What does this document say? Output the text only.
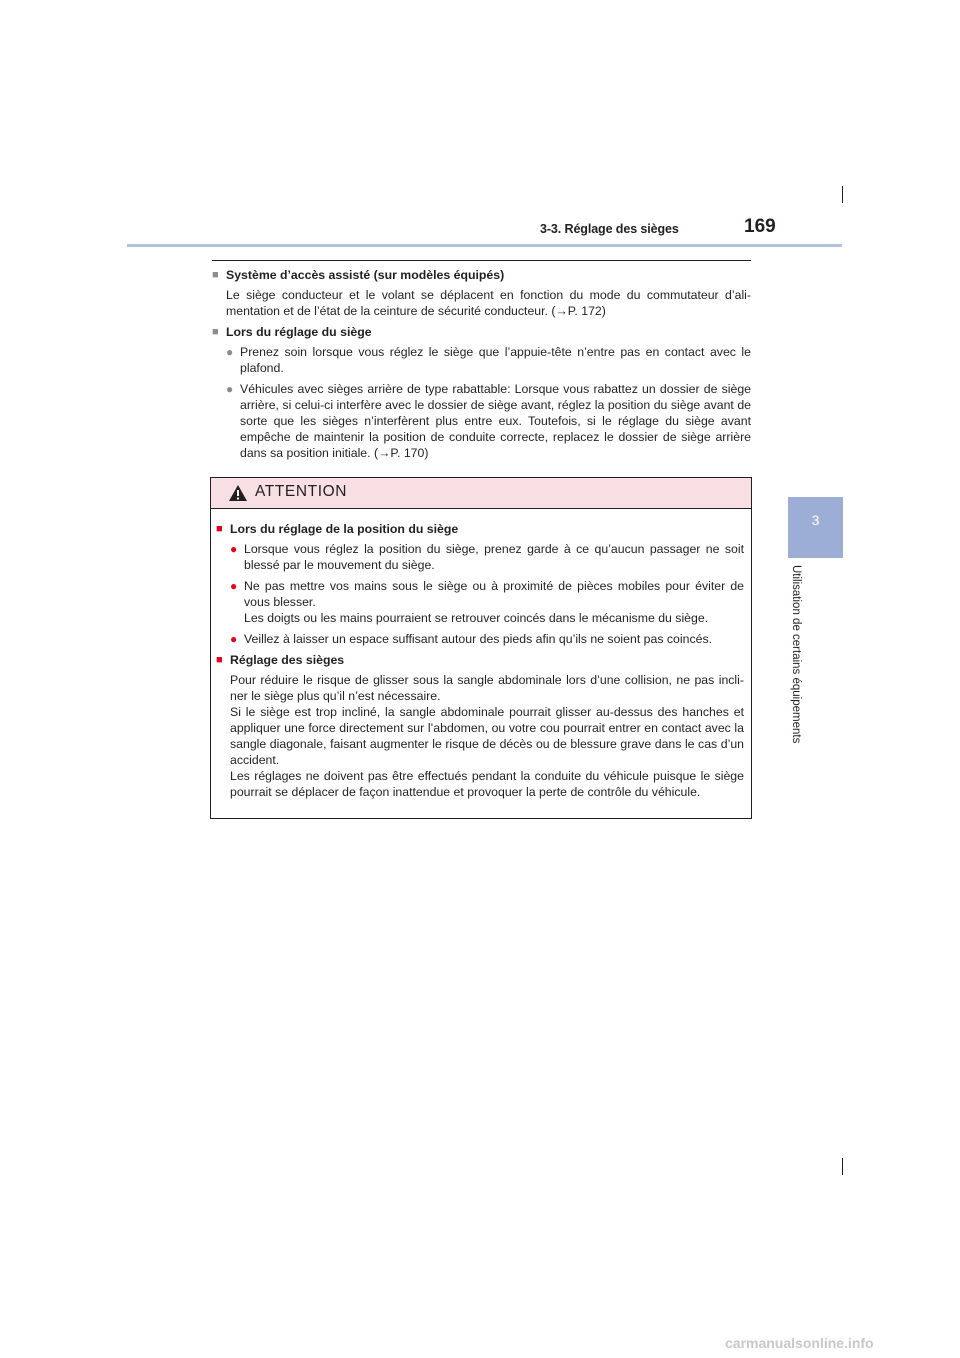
3-3. Réglage des sièges	169
3
Utilisation de certains équipements

■ Système d’accès assisté (sur modèles équipés)

Le siège conducteur et le volant se déplacent en fonction du mode du commutateur d’ali-mentation et de l’état de la ceinture de sécurité conducteur. (→P. 172)

■ Lors du réglage du siège

● Prenez soin lorsque vous réglez le siège que l’appuie-tête n’entre pas en contact avec le plafond.

● Véhicules avec sièges arrière de type rabattable: Lorsque vous rabattez un dossier de siège arrière, si celui-ci interfère avec le dossier de siège avant, réglez la position du siège avant de sorte que les sièges n’interfèrent plus entre eux. Toutefois, si le réglage du siège avant empêche de maintenir la position de conduite correcte, replacez le dossier de siège arrière dans sa position initiale. (→P. 170)

ATTENTION

■ Lors du réglage de la position du siège

● Lorsque vous réglez la position du siège, prenez garde à ce qu’aucun passager ne soit blessé par le mouvement du siège.

● Ne pas mettre vos mains sous le siège ou à proximité de pièces mobiles pour éviter de vous blesser.
Les doigts ou les mains pourraient se retrouver coincés dans le mécanisme du siège.

● Veillez à laisser un espace suffisant autour des pieds afin qu’ils ne soient pas coincés.

■ Réglage des sièges

Pour réduire le risque de glisser sous la sangle abdominale lors d’une collision, ne pas incli-ner le siège plus qu’il n’est nécessaire.
Si le siège est trop incliné, la sangle abdominale pourrait glisser au-dessus des hanches et appliquer une force directement sur l’abdomen, ou votre cou pourrait entrer en contact avec la sangle diagonale, faisant augmenter le risque de décès ou de blessure grave dans le cas d’un accident.
Les réglages ne doivent pas être effectués pendant la conduite du véhicule puisque le siège pourrait se déplacer de façon inattendue et provoquer la perte de contrôle du véhicule.
carmanualsonline.info
